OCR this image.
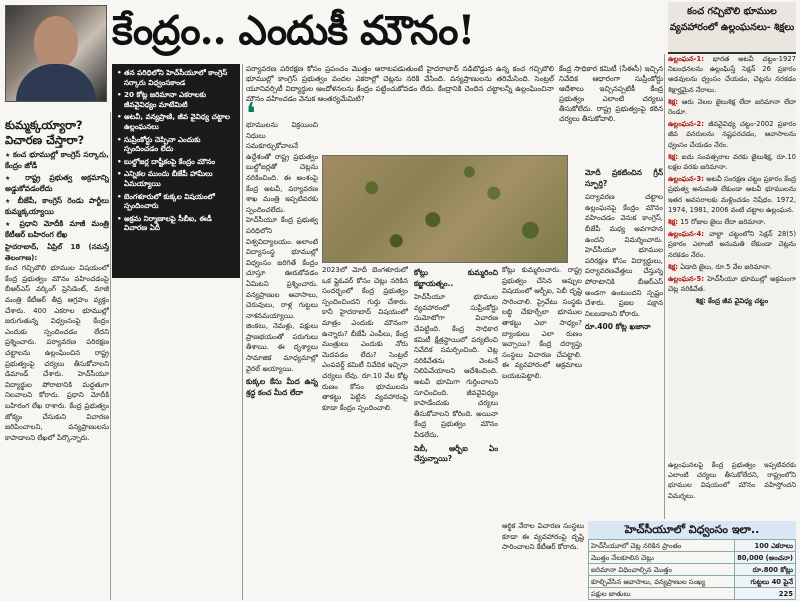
కేంద్రం.. ఎందుకీ మౌనం!	కంచ గచ్చిబౌలి భూముల వ్యవహారంలో ఉల్లంఘనలు- శిక్షలు

ఉల్లంఘన-1: భారత అటవీ చట్టం-1927 నిబంధనలను ఉల్లంఘిస్తే సెక్షన్ 26 ప్రకారం అడవులను ధ్వంసం చేయడం, చెట్లను నరకడం శిక్షార్హమైన నేరాలు.

శిక్ష: ఆరు నెలల జైలుశిక్ష లేదా జరిమానా లేదా రెండూ.

ఉల్లంఘన-2: జీవవైవిధ్య చట్టం-2002 ప్రకారం జీవ వనరులను నష్టపరచడం, ఆవాసాలను ధ్వంసం చేయడం నేరం.

శిక్ష: ఐదు సంవత్సరాల వరకు జైలుశిక్ష, రూ.10 లక్షల వరకు జరిమానా.

ఉల్లంఘన-3: అటవీ సంరక్షణ చట్టం ప్రకారం కేంద్ర ప్రభుత్వ అనుమతి లేకుండా అటవీ భూములను ఇతర అవసరాలకు మళ్లించడం నిషేధం. 1972, 1974, 1981, 2006 వంటి చట్టాల ఉల్లంఘన.

శిక్ష: 15 రోజుల జైలు లేదా జరిమానా.

ఉల్లంఘన-4: వాల్టా చట్టంలోని సెక్షన్ 28(5) ప్రకారం ఎలాంటి అనుమతి లేకుండా చెట్లను నరకడం నేరం.

శిక్ష: ఏడాది జైలు, రూ.5 వేల జరిమానా.

ఉల్లంఘన-5: హెచ్‌సీయూ భూముల్లో అక్రమంగా చెట్ల నరికివేత.

శిక్ష: కేంద్ర జీవ వైవిధ్య చట్టం

ఉల్లంఘనలపై కేంద్ర ప్రభుత్వం ఇప్పటివరకు ఎలాంటి చర్యలు తీసుకోలేదని, రాష్ట్రంలోని భూముల విషయంలో మౌనం వహిస్తోందని విమర్శలు.
కుమ్మక్కయ్యారా? విచారణ చేస్తారా?
★ కంచ భూముల్లో కాంగ్రెస్ సర్కారు, కేంద్రం జోడీ
★ రాష్ట్ర ప్రభుత్వ అక్రమాన్ని అడ్డుకోవడంలేదు
★ బీజేపీ, కాంగ్రెస్ రెండు పార్టీలు కుమ్మక్కయ్యాయి
★ ప్రధాని మోదీకి మాజీ మంత్రి కేటీఆర్ బహిరంగ లేఖ
హైదరాబాద్, ఏప్రిల్ 18 (నమస్తే తెలంగాణ):
కంచ గచ్చిబౌలి భూముల విషయంలో కేంద్ర ప్రభుత్వం మౌనం వహించడంపై బీఆర్‌ఎస్ వర్కింగ్ ప్రెసిడెంట్, మాజీ మంత్రి కేటీఆర్ తీవ్ర ఆగ్రహం వ్యక్తం చేశారు. 400 ఎకరాల భూముల్లో జరుగుతున్న విధ్వంసంపై కేంద్రం ఎందుకు స్పందించడం లేదని ప్రశ్నించారు. పర్యావరణ పరిరక్షణ చట్టాలను ఉల్లంఘించిన రాష్ట్ర ప్రభుత్వంపై చర్యలు తీసుకోవాలని డిమాండ్ చేశారు. హెచ్‌సీయూ విద్యార్థుల పోరాటానికి మద్దతుగా నిలవాలని కోరారు. ప్రధాని మోదీకి బహిరంగ లేఖ రాశారు. కేంద్ర ప్రభుత్వం జోక్యం చేసుకుని విచారణ జరిపించాలని, వన్యప్రాణులను కాపాడాలని లేఖలో పేర్కొన్నారు.
• తన పరిధిలోని హెచ్‌సీయూలో కాంగ్రెస్ సర్కారు విధ్వంసకాండ
• 20 కోట్ల జరిమానా ఎకరాలకు జీవవైవిధ్యం మాటేమిటి
• అటవీ, వన్యప్రాణి, జీవ వైవిధ్య చట్టాల ఉల్లంఘనలు
• సుప్రీంకోర్టు చెప్పినా ఎందుకు స్పందించడం లేదు
• బుల్డోజర్ల దాష్టీకంపై కేంద్రం మౌనం
• ఎన్నికల ముందు బీజేపీ హామీలు ఏమయ్యాయి
• బెంగళూరులో కుక్కల విషయంలో స్పందించారు
• అక్రమ నిర్మాణాలపై సీబీఐ, ఈడీ విచారణ ఏదీ
పర్యావరణ పరిరక్షణ కోసం ప్రపంచం మొత్తం ఆరాటపడుతుంటే హైదరాబాద్ నడిబొడ్డున ఉన్న కంచ గచ్చిబౌలి భూముల్లో కాంగ్రెస్ ప్రభుత్వం వందల ఎకరాల్లో చెట్లను నరికి వేసింది. వన్యప్రాణులను తరిమేసింది. సెంట్రల్ యూనివర్సిటీ విద్యార్థుల ఆందోళనలను కేంద్రం పట్టించుకోవడం లేదు. కేంద్రానికి చెందిన చట్టాలన్నీ ఉల్లంఘించినా మౌనం వహించడం వెనుక ఆంతర్యమేమిటి?
❛
కేంద్ర సాధికార కమిటీ (సీఈసీ) ఇచ్చిన నివేదిక ఆధారంగా సుప్రీంకోర్టు ఆదేశాలు ఇచ్చినప్పటికీ కేంద్ర ప్రభుత్వం ఎలాంటి చర్యలు తీసుకోలేదు. రాష్ట్ర ప్రభుత్వంపై కఠిన చర్యలు తీసుకోవాలి.
భూములను విక్రయించి నిధులు సమకూర్చుకోవాలనే ఉద్దేశంతో రాష్ట్ర ప్రభుత్వం బుల్డోజర్లతో చెట్లను నరికించింది. ఈ అంశంపై కేంద్ర అటవీ, పర్యావరణ శాఖ మంత్రి ఇప్పటివరకు స్పందించలేదు. హెచ్‌సీయూ కేంద్ర ప్రభుత్వ పరిధిలోని విశ్వవిద్యాలయం. అలాంటి విద్యాసంస్థ భూముల్లో విధ్వంసం జరిగితే కేంద్రం చూస్తూ ఊరుకోవడం ఏమిటని ప్రశ్నించారు. వన్యప్రాణుల ఆవాసాలు, చెరువులు, రాళ్ల గుట్టలు నాశనమయ్యాయి. జింకలు, నెమళ్లు, పక్షులు ప్రాణభయంతో పరుగులు తీశాయి. ఈ దృశ్యాలు సామాజిక మాధ్యమాల్లో వైరల్ అయ్యాయి.
కుక్కల కేసు మీద ఉన్న శ్రద్ధ కంచ మీద లేదా
2023లో మోదీ బెంగళూరులో ఒక ఫ్లైఓవర్ కోసం చెట్లు నరికిన సందర్భంలో కేంద్ర ప్రభుత్వం స్పందించిందని గుర్తు చేశారు. కానీ హైదరాబాద్ విషయంలో మాత్రం ఎందుకు మౌనంగా ఉన్నారు? బీజేపీ ఎంపీలు, కేంద్ర మంత్రులు ఎందుకు నోరు మెదపడం లేదు? సెంట్రల్ ఎంపవర్డ్ కమిటీ నివేదిక ఇచ్చినా చర్యలు లేవు. రూ.10 వేల కోట్ల రుణం కోసం భూములను తాకట్టు పెట్టిన వ్యవహారంపై కూడా కేంద్రం స్పందించాలి.
కోట్లు కుమ్మరించి కబ్జాయత్నం..
హెచ్‌సీయూ భూముల వ్యవహారంలో సుప్రీంకోర్టు సుమోటోగా విచారణ చేపట్టింది. కేంద్ర సాధికార కమిటీ క్షేత్రస్థాయిలో పర్యటించి నివేదిక సమర్పించింది. చెట్ల నరికివేతను వెంటనే నిలిపివేయాలని ఆదేశించింది. అటవీ భూమిగా గుర్తించాలని సూచించింది. జీవవైవిధ్యం కాపాడేందుకు చర్యలు తీసుకోవాలని కోరింది. అయినా కేంద్ర ప్రభుత్వం మౌనం వీడలేదు.
సెబీ, ఆర్బీఐ ఏం చేస్తున్నాయి?
కోట్లు కుమ్మరించారు. రాష్ట్ర ప్రభుత్వం చేసిన అప్పుల విషయంలో ఆర్బీఐ, సెబీ దృష్టి సారించాలి. ప్రైవేటు సంస్థకు లబ్ధి చేకూర్చేలా భూముల తాకట్టు ఎలా సాధ్యం? బ్యాంకులు ఎలా రుణం ఇచ్చాయి? కేంద్ర దర్యాప్తు సంస్థలు విచారణ చేపట్టాలి. ఈ వ్యవహారంలో అక్రమాలు బయటపెట్టాలి.
మోదీ ప్రకటించిన గ్రీన్ స్ఫూర్తి?
పర్యావరణ చట్టాల ఉల్లంఘనపై కేంద్రం మౌనం వహించడం వెనుక కాంగ్రెస్, బీజేపీ మధ్య అవగాహన ఉందని విమర్శించారు. హెచ్‌సీయూ భూముల పరిరక్షణ కోసం విద్యార్థులు, పర్యావరణవేత్తలు చేస్తున్న పోరాటానికి బీఆర్‌ఎస్ అండగా ఉంటుందని స్పష్టం చేశారు. ప్రజల పక్షాన నిలబడాలని కోరారు.
రూ.400 కోట్ల ఖజానా
ఆర్థిక నేరాల విచారణ సంస్థలు కూడా ఈ వ్యవహారంపై దృష్టి సారించాలని కేటీఆర్ కోరారు.
హెచ్‌సీయూలో విధ్వంసం ఇలా..
హెచ్‌సీయూలో చెట్ల నరికిన ప్రాంతం	100 ఎకరాలు
మొత్తం నేలకూలిన చెట్లు	80,000 (అంచనా)
జరిమానా విధించాల్సిన మొత్తం	రూ.800 కోట్లు
కూల్చివేసిన ఆవాసాలు, వన్యప్రాణుల సంఖ్య	గుట్టలు 40 పైనే
పక్షుల జాతులు	225
